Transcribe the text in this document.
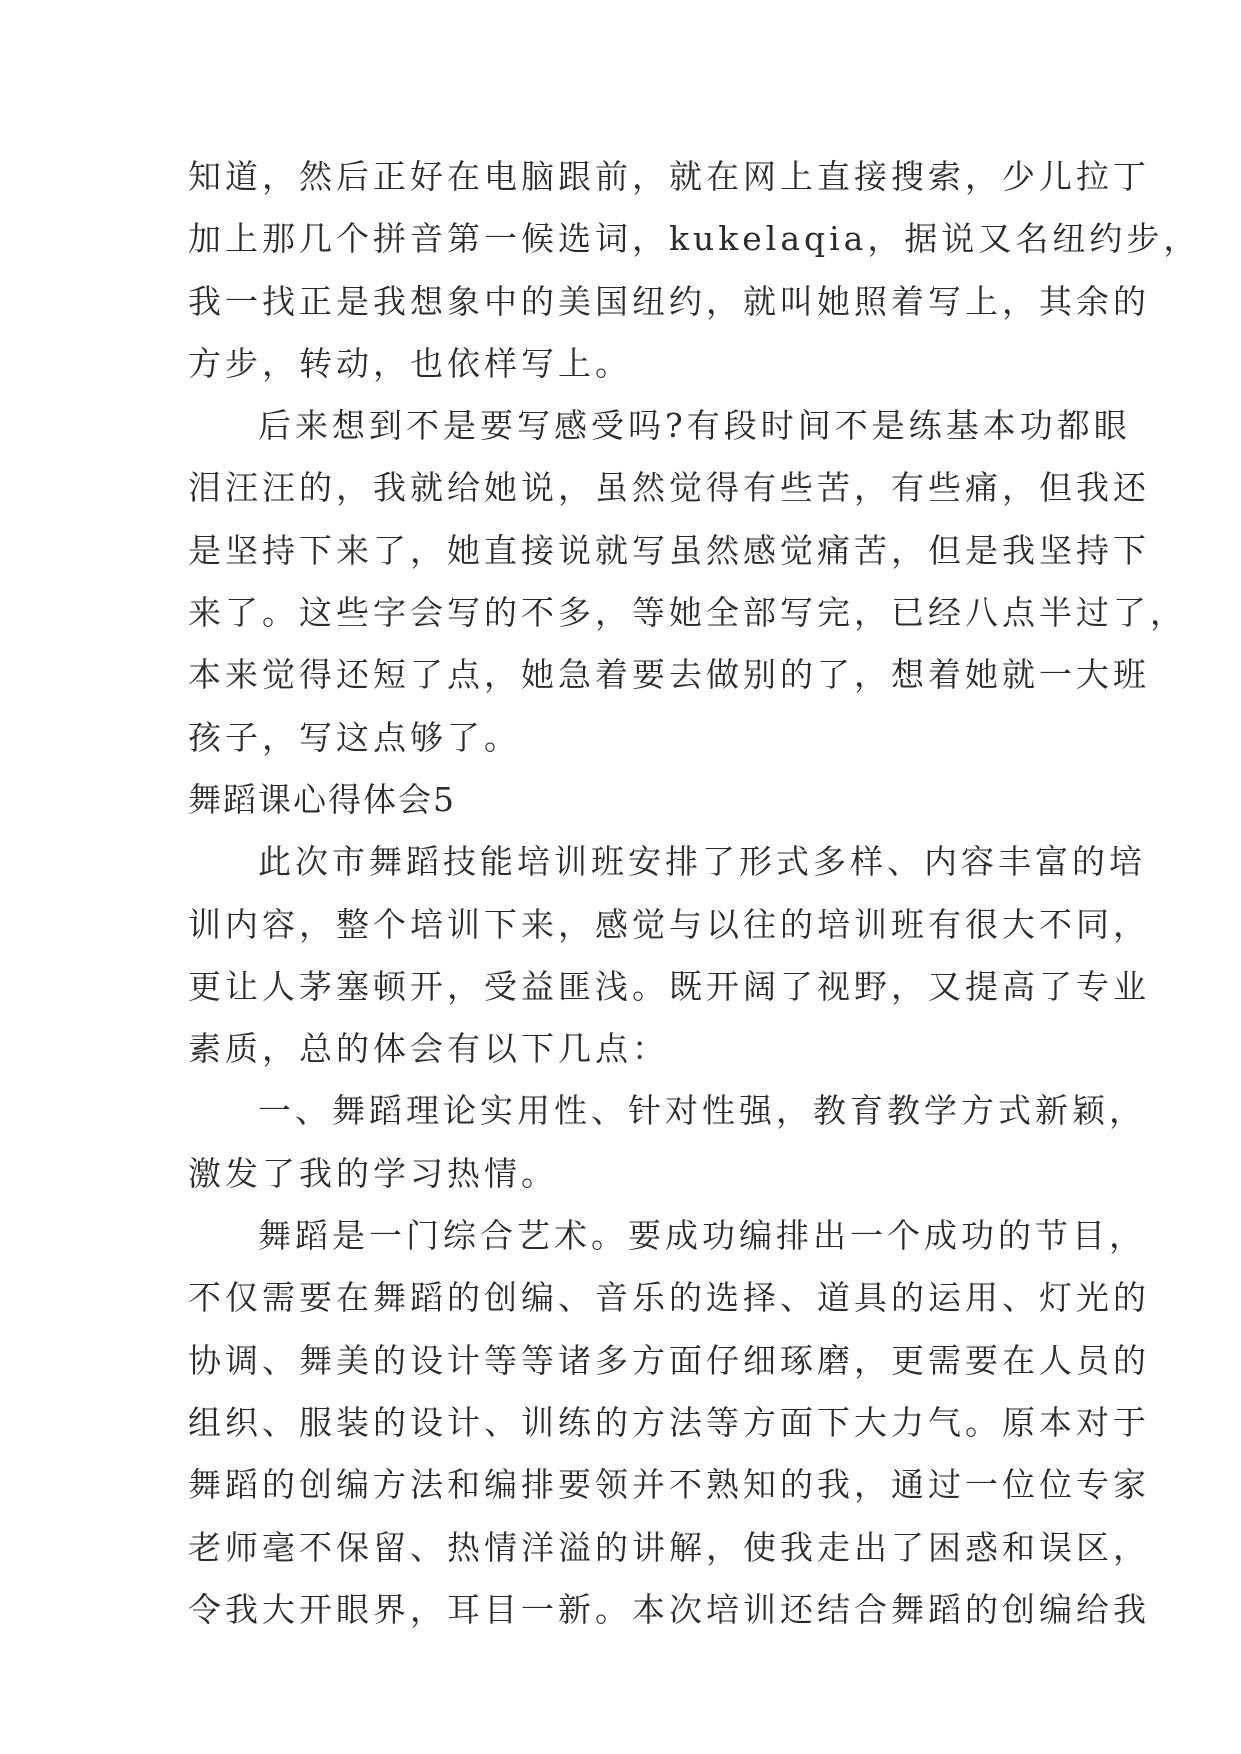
知道，然后正好在电脑跟前，就在网上直接搜索，少儿拉丁
加上那几个拼音第一候选词，kukelaqia，据说又名纽约步，
我一找正是我想象中的美国纽约，就叫她照着写上，其余的
方步，转动，也依样写上。
后来想到不是要写感受吗?有段时间不是练基本功都眼
泪汪汪的，我就给她说，虽然觉得有些苦，有些痛，但我还
是坚持下来了，她直接说就写虽然感觉痛苦，但是我坚持下
来了。这些字会写的不多，等她全部写完，已经八点半过了，
本来觉得还短了点，她急着要去做别的了，想着她就一大班
孩子，写这点够了。
舞蹈课心得体会5
此次市舞蹈技能培训班安排了形式多样、内容丰富的培
训内容，整个培训下来，感觉与以往的培训班有很大不同，
更让人茅塞顿开，受益匪浅。既开阔了视野，又提高了专业
素质，总的体会有以下几点：
一、舞蹈理论实用性、针对性强，教育教学方式新颖，
激发了我的学习热情。
舞蹈是一门综合艺术。要成功编排出一个成功的节目，
不仅需要在舞蹈的创编、音乐的选择、道具的运用、灯光的
协调、舞美的设计等等诸多方面仔细琢磨，更需要在人员的
组织、服装的设计、训练的方法等方面下大力气。原本对于
舞蹈的创编方法和编排要领并不熟知的我，通过一位位专家
老师毫不保留、热情洋溢的讲解，使我走出了困惑和误区，
令我大开眼界，耳目一新。本次培训还结合舞蹈的创编给我
